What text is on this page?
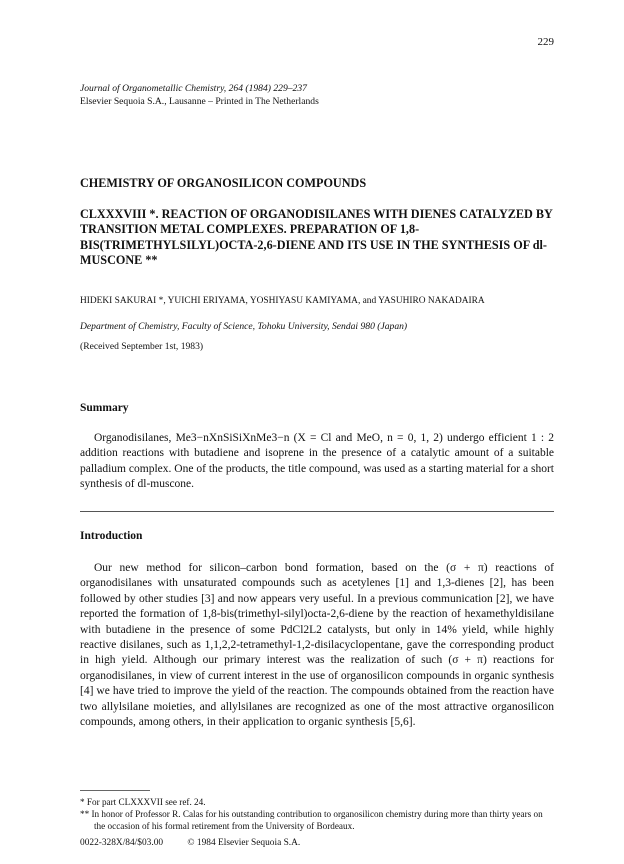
229
Journal of Organometallic Chemistry, 264 (1984) 229–237
Elsevier Sequoia S.A., Lausanne – Printed in The Netherlands
CHEMISTRY OF ORGANOSILICON COMPOUNDS
CLXXXVIII *. REACTION OF ORGANODISILANES WITH DIENES CATALYZED BY TRANSITION METAL COMPLEXES. PREPARATION OF 1,8-BIS(TRIMETHYLSILYL)OCTA-2,6-DIENE AND ITS USE IN THE SYNTHESIS OF dl-MUSCONE **
HIDEKI SAKURAI *, YUICHI ERIYAMA, YOSHIYASU KAMIYAMA, and YASUHIRO NAKADAIRA
Department of Chemistry, Faculty of Science, Tohoku University, Sendai 980 (Japan)
(Received September 1st, 1983)
Summary

Organodisilanes, Me3−nXnSiSiXnMe3−n (X = Cl and MeO, n = 0, 1, 2) undergo efficient 1 : 2 addition reactions with butadiene and isoprene in the presence of a catalytic amount of a suitable palladium complex. One of the products, the title compound, was used as a starting material for a short synthesis of dl-muscone.

Introduction

Our new method for silicon–carbon bond formation, based on the (σ + π) reactions of organodisilanes with unsaturated compounds such as acetylenes [1] and 1,3-dienes [2], has been followed by other studies [3] and now appears very useful. In a previous communication [2], we have reported the formation of 1,8-bis(trimethyl-silyl)octa-2,6-diene by the reaction of hexamethyldisilane with butadiene in the presence of some PdCl2L2 catalysts, but only in 14% yield, while highly reactive disilanes, such as 1,1,2,2-tetramethyl-1,2-disilacyclopentane, gave the corresponding product in high yield. Although our primary interest was the realization of such (σ + π) reactions for organodisilanes, in view of current interest in the use of organosilicon compounds in organic synthesis [4] we have tried to improve the yield of the reaction. The compounds obtained from the reaction have two allylsilane moieties, and allylsilanes are recognized as one of the most attractive organosilicon compounds, among others, in their application to organic synthesis [5,6].

* For part CLXXXVII see ref. 24.

** In honor of Professor R. Calas for his outstanding contribution to organosilicon chemistry during more than thirty years on the occasion of his formal retirement from the University of Bordeaux.

0022-328X/84/$03.00	© 1984 Elsevier Sequoia S.A.
